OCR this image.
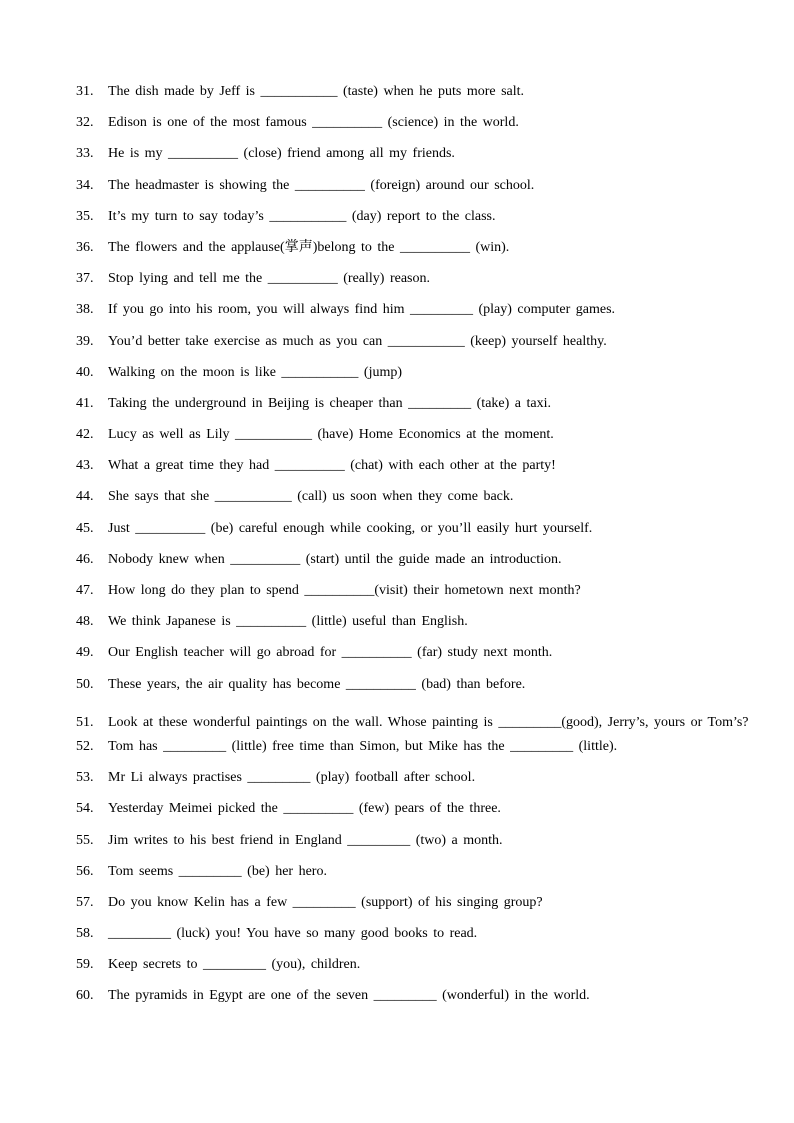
31.	The dish made by Jeff is ___________ (taste) when he puts more salt.
32.	Edison is one of the most famous __________ (science) in the world.
33.	He is my __________ (close) friend among all my friends.
34.	The headmaster is showing the __________ (foreign) around our school.
35.	It’s my turn to say today’s ___________ (day) report to the class.
36.	The flowers and the applause(掌声)belong to the __________ (win).
37.	Stop lying and tell me the __________ (really) reason.
38.	If you go into his room, you will always find him _________ (play) computer games.
39.	You’d better take exercise as much as you can ___________ (keep) yourself healthy.
40.	Walking on the moon is like ___________ (jump)
41.	Taking the underground in Beijing is cheaper than _________ (take) a taxi.
42.	Lucy as well as Lily ___________ (have) Home Economics at the moment.
43.	What a great time they had __________ (chat) with each other at the party!
44.	She says that she ___________ (call) us soon when they come back.
45.	Just __________ (be) careful enough while cooking, or you’ll easily hurt yourself.
46.	Nobody knew when __________ (start) until the guide made an introduction.
47.	How long do they plan to spend __________(visit) their hometown next month?
48.	We think Japanese is __________ (little) useful than English.
49.	Our English teacher will go abroad for __________ (far) study next month.
50.	These years, the air quality has become __________ (bad) than before.
51. Look at these wonderful paintings on the wall. Whose painting is _________(good), Jerry’s, yours or Tom’s?
52.	Tom has _________ (little) free time than Simon, but Mike has the _________ (little).
53.	Mr Li always practises _________ (play) football after school.
54.	Yesterday Meimei picked the __________ (few) pears of the three.
55.	Jim writes to his best friend in England _________ (two) a month.
56.	Tom seems _________ (be) her hero.
57.	Do you know Kelin has a few _________ (support) of his singing group?
58.	_________ (luck) you! You have so many good books to read.
59.	Keep secrets to _________ (you), children.
60.	The pyramids in Egypt are one of the seven _________ (wonderful) in the world.
